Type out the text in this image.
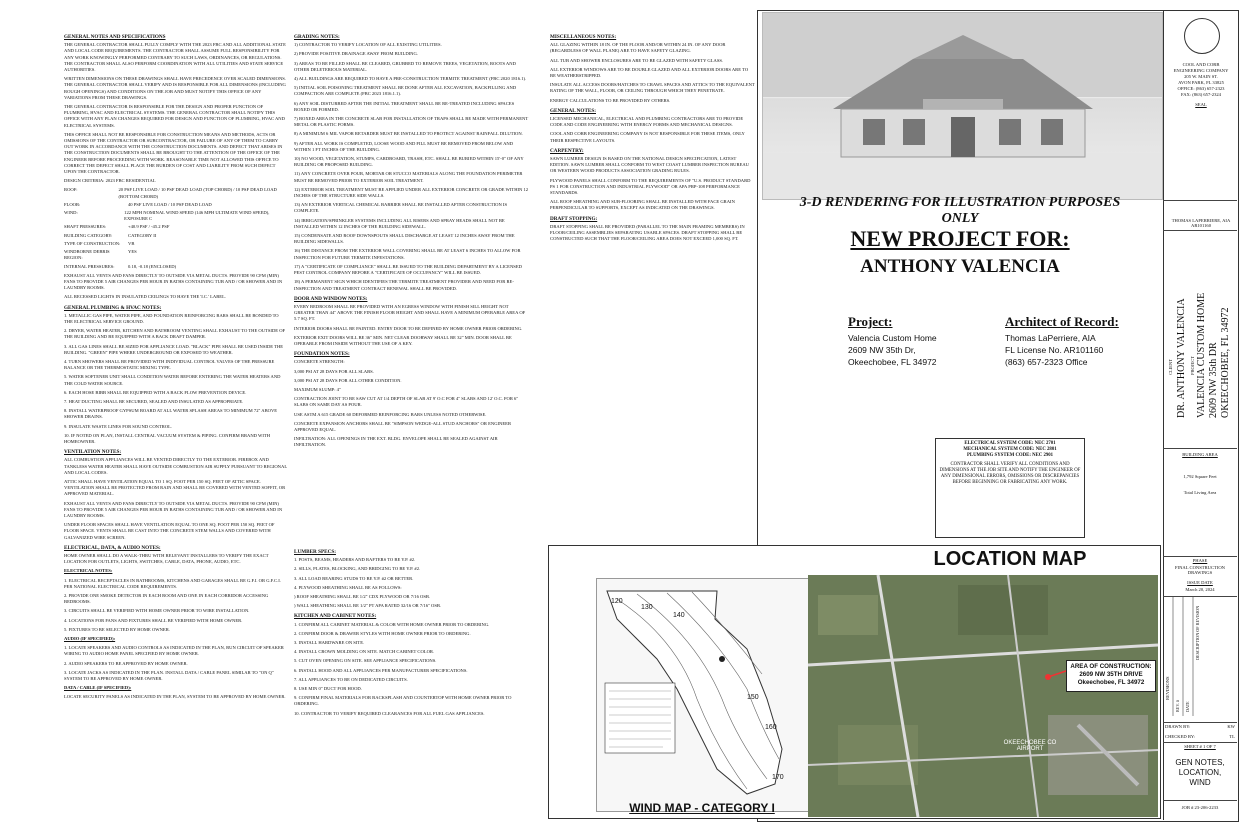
GENERAL NOTES AND SPECIFICATIONS

THE GENERAL CONTRACTOR SHALL FULLY COMPLY WITH THE 2023 FBC AND ALL ADDITIONAL STATE AND LOCAL CODE REQUIREMENTS. THE CONTRACTOR SHALL ASSUME FULL RESPONSIBILITY FOR ANY WORK KNOWINGLY PERFORMED CONTRARY TO SUCH LAWS, ORDINANCES, OR REGULATIONS. THE CONTRACTOR SHALL ALSO PERFORM COORDINATION WITH ALL UTILITIES AND STATE SERVICE AUTHORITIES.

WRITTEN DIMENSIONS ON THESE DRAWINGS SHALL HAVE PRECEDENCE OVER SCALED DIMENSIONS. THE GENERAL CONTRACTOR SHALL VERIFY AND IS RESPONSIBLE FOR ALL DIMENSIONS (INCLUDING ROUGH OPENINGS) AND CONDITIONS ON THE JOB AND MUST NOTIFY THIS OFFICE OF ANY VARIATIONS FROM THESE DRAWINGS.

THE GENERAL CONTRACTOR IS RESPONSIBLE FOR THE DESIGN AND PROPER FUNCTION OF PLUMBING, HVAC AND ELECTRICAL SYSTEMS. THE GENERAL CONTRACTOR SHALL NOTIFY THIS OFFICE WITH ANY PLAN CHANGES REQUIRED FOR DESIGN AND FUNCTION OF PLUMBING, HVAC AND ELECTRICAL SYSTEMS.

THIS OFFICE SHALL NOT BE RESPONSIBLE FOR CONSTRUCTION MEANS AND METHODS, ACTS OR OMISSIONS OF THE CONTRACTOR OR SUBCONTRACTOR, OR FAILURE OF ANY OF THEM TO CARRY OUT WORK IN ACCORDANCE WITH THE CONSTRUCTION DOCUMENTS. AND DEFECT THAT ARISES IN THE CONSTRUCTION DOCUMENTS SHALL BE BROUGHT TO THE ATTENTION OF THE OFFICE OF THE ENGINEER BEFORE PROCEEDING WITH WORK. REASONABLE TIME NOT ALLOWED THIS OFFICE TO CORRECT THE DEFECT SHALL PLACE THE BURDEN OF COST AND LIABILITY FROM SUCH DEFECT UPON THE CONTRACTOR.

DESIGN CRITERIA: 2023 FBC RESIDENTIAL

ROOF:	20 PSF LIVE LOAD / 10 PSF DEAD LOAD (TOP CHORD) / 10 PSF DEAD LOAD (BOTTOM CHORD)
FLOOR:	40 PSF LIVE LOAD / 10 PSF DEAD LOAD
WIND:	122 MPH NOMINAL WIND SPEED (146 MPH ULTIMATE WIND SPEED), EXPOSURE C
SHAFT PRESSURES:	+40.9 PSF / -45.2 PSF
BUILDING CATEGORY:	CATEGORY II
TYPE OF CONSTRUCTION:	VB
WINDBORNE DEBRIS REGION:
YES
INTERNAL PRESSURES:	0.18, -0.18 (ENCLOSED)

EXHAUST ALL VENTS AND FANS DIRECTLY TO OUTSIDE VIA METAL DUCTS. PROVIDE 90 CFM (MIN) FANS TO PROVIDE 5 AIR CHANGES PER HOUR IN BATHS CONTAINING TUB AND / OR SHOWER AND IN LAUNDRY ROOMS.

ALL RECESSED LIGHTS IN INSULATED CEILINGS TO HAVE THE 'I.C.' LABEL.

GENERAL PLUMBING & HVAC NOTES:

1. METALLIC GAS PIPE, WATER PIPE, AND FOUNDATION REINFORCING BARS SHALL BE BONDED TO THE ELECTRICAL SERVICE GROUND.

2. DRYER, WATER HEATER, KITCHEN AND BATHROOM VENTING SHALL EXHAUST TO THE OUTSIDE OF THE BUILDING AND BE EQUIPPED WITH A BACK DRAFT DAMPER.

3. ALL GAS LINES SHALL BE SIZED FOR APPLIANCE LOAD. "BLACK" PIPE SHALL BE USED INSIDE THE BUILDING. "GREEN" PIPE WHERE UNDERGROUND OR EXPOSED TO WEATHER.

4. TURN SHOWERS SHALL BE PROVIDED WITH INDIVIDUAL CONTROL VALVES OF THE PRESSURE BALANCE OR THE THERMOSTATIC MIXING TYPE.

5. WATER SOFTENER UNIT SHALL CONDITION WATER BEFORE ENTERING THE WATER HEATERS AND THE COLD WATER SOURCE.

6. EACH HOSE BIBB SHALL BE EQUIPPED WITH A BACK FLOW PREVENTION DEVICE.

7. HEAT DUCTING SHALL BE SECURED, SEALED AND INSULATED AS APPROPRIATE.

8. INSTALL WATERPROOF GYPSUM BOARD AT ALL WATER SPLASH AREAS TO MINIMUM 72" ABOVE SHOWER DRAINS.

9. INSULATE WASTE LINES FOR SOUND CONTROL.

10. IF NOTED ON PLAN, INSTALL CENTRAL VACUUM SYSTEM & PIPING. CONFIRM BRAND WITH HOMEOWNER.

VENTILATION NOTES:

ALL COMBUSTION APPLIANCES WILL BE VENTED DIRECTLY TO THE EXTERIOR. FIREBOX AND TANKLESS WATER HEATER SHALL HAVE OUTSIDE COMBUSTION AIR SUPPLY PURSUANT TO REGIONAL AND LOCAL CODES.

ATTIC SHALL HAVE VENTILATION EQUAL TO 1 SQ. FOOT PER 150 SQ. FEET OF ATTIC SPACE. VENTILATION SHALL BE PROTECTED FROM RAIN AND SHALL BE COVERED WITH VENTED SOFFIT, OR APPROVED MATERIAL.

EXHAUST ALL VENTS AND FANS DIRECTLY TO OUTSIDE VIA METAL DUCTS. PROVIDE 90 CFM (MIN) FANS TO PROVIDE 5 AIR CHANGES PER HOUR IN BATHS CONTAINING TUB AND / OR SHOWER AND IN LAUNDRY ROOMS.

UNDER FLOOR SPACES SHALL HAVE VENTILATION EQUAL TO ONE SQ. FOOT PER 150 SQ. FEET OF FLOOR SPACE. VENTS SHALL BE CAST INTO THE CONCRETE STEM WALLS AND COVERED WITH GALVANIZED WIRE SCREEN.

ELECTRICAL, DATA, & AUDIO NOTES:

HOME OWNER SHALL DO A WALK-THRU WITH RELEVANT INSTALLERS TO VERIFY THE EXACT LOCATION FOR OUTLETS, LIGHTS, SWITCHES, CABLE, DATA, PHONE, AUDIO, ETC.

ELECTRICAL NOTES:

1. ELECTRICAL RECEPTACLES IN BATHROOMS, KITCHENS AND GARAGES SHALL BE G.F.I. OR G.F.C.I. PER NATIONAL ELECTRICAL CODE REQUIREMENTS.

2. PROVIDE ONE SMOKE DETECTOR IN EACH ROOM AND ONE IN EACH CORRIDOR ACCESSING BEDROOMS.

3. CIRCUITS SHALL BE VERIFIED WITH HOME OWNER PRIOR TO WIRE INSTALLATION.

4. LOCATIONS FOR FANS AND FIXTURES SHALL BE VERIFIED WITH HOME OWNER.

5. FIXTURES TO BE SELECTED BY HOME OWNER.

AUDIO (IF SPECIFIED):

1. LOCATE SPEAKERS AND AUDIO CONTROLS AS INDICATED IN THE PLAN, RUN CIRCUIT OF SPEAKER WIRING TO AUDIO HOME PANEL SPECIFIED BY HOME OWNER.

2. AUDIO SPEAKERS TO BE APPROVED BY HOME OWNER.

3. LOCATE JACKS AS INDICATED IN THE PLAN. INSTALL DATA / CABLE PANEL SIMILAR TO "ON Q" SYSTEM TO BE APPROVED BY HOME OWNER.

DATA / CABLE (IF SPECIFIED):

LOCATE SECURITY PANELS AS INDICATED IN THE PLAN, SYSTEM TO BE APPROVED BY HOME OWNER.

GRADING NOTES:

1) CONTRACTOR TO VERIFY LOCATION OF ALL EXISTING UTILITIES.

2) PROVIDE POSITIVE DRAINAGE AWAY FROM BUILDING.

3) AREAS TO BE FILLED SHALL BE CLEARED, GRUBBED TO REMOVE TREES, VEGETATION, ROOTS AND OTHER DELETERIOUS MATERIAL.

4) ALL BUILDINGS ARE REQUIRED TO HAVE A PRE-CONSTRUCTION TERMITE TREATMENT (FBC 2020 1816.1).

5) INITIAL SOIL POISONING TREATMENT SHALL BE DONE AFTER ALL EXCAVATION, BACKFILLING AND COMPACTION ARE COMPLETE (FBC 2023 1816.1.1).

6) ANY SOIL DISTURBED AFTER THE INITIAL TREATMENT SHALL BE RE-TREATED INCLUDING SPACES BOXED OR FORMED.

7) BOXED AREA IN THE CONCRETE SLAB FOR INSTALLATION OF TRAPS SHALL BE MADE WITH PERMANENT METAL OR PLASTIC FORMS.

8) A MINIMUM 6 MIL VAPOR RETARDER MUST BE INSTALLED TO PROTECT AGAINST RAINFALL DILUTION.

9) AFTER ALL WORK IS COMPLETED, LOOSE WOOD AND FILL MUST BE REMOVED FROM BELOW AND WITHIN 1 FT INCHES OF THE BUILDING.

10) NO WOOD, VEGETATION, STUMPS, CARDBOARD, TRASH, ETC. SHALL BE BURIED WITHIN 15'-0" OF ANY BUILDING OR PROPOSED BUILDING.

11) ANY CONCRETE OVER POUR, MORTAR OR STUCCO MATERIALS ALONG THE FOUNDATION PERIMETER MUST BE REMOVED PRIOR TO EXTERIOR SOIL TREATMENT.

12) EXTERIOR SOIL TREATMENT MUST BE APPLIED UNDER ALL EXTERIOR CONCRETE OR GRADE WITHIN 12 INCHES OF THE STRUCTURE SIDE WALLS.

13) AN EXTERIOR VERTICAL CHEMICAL BARRIER SHALL BE INSTALLED AFTER CONSTRUCTION IS COMPLETE.

14) IRRIGATION/SPRINKLER SYSTEMS INCLUDING ALL RISERS AND SPRAY HEADS SHALL NOT BE INSTALLED WITHIN 12 INCHES OF THE BUILDING SIDEWALL.

15) CONDENSATE AND ROOF DOWNSPOUTS SHALL DISCHARGE AT LEAST 12 INCHES AWAY FROM THE BUILDING SIDEWALLS.

16) THE DISTANCE FROM THE EXTERIOR WALL COVERING SHALL BE AT LEAST 6 INCHES TO ALLOW FOR INSPECTION FOR FUTURE TERMITE INFESTATIONS.

17) A "CERTIFICATE OF COMPLIANCE" SHALL BE ISSUED TO THE BUILDING DEPARTMENT BY A LICENSED PEST CONTROL COMPANY BEFORE A "CERTIFICATE OF OCCUPANCY" WILL BE ISSUED.

18) A PERMANENT SIGN WHICH IDENTIFIES THE TERMITE TREATMENT PROVIDER AND NEED FOR RE-INSPECTION AND TREATMENT CONTRACT RENEWAL SHALL BE PROVIDED.

DOOR AND WINDOW NOTES:

EVERY BEDROOM SHALL BE PROVIDED WITH AN EGRESS WINDOW WITH FINISH SILL HEIGHT NOT GREATER THAN 44" ABOVE THE FINISH FLOOR HEIGHT AND SHALL HAVE A MINIMUM OPERABLE AREA OF 5.7 SQ. FT.

INTERIOR DOORS SHALL BE PAINTED. ENTRY DOOR TO BE DEFINED BY HOME OWNER PRIOR ORDERING.

EXTERIOR EXIT DOORS WILL BE 36" MIN. NET CLEAR DOORWAY SHALL BE 32" MIN. DOOR SHALL BE OPERABLE FROM INSIDE WITHOUT THE USE OF A KEY.

FOUNDATION NOTES:

CONCRETE STRENGTH:

3,000 PSI AT 28 DAYS FOR ALL SLABS.

3,000 PSI AT 28 DAYS FOR ALL OTHER CONDITION.

MAXIMUM SLUMP: 4"

CONTRACTION JOINT TO BE SAW CUT AT 1/4 DEPTH OF SLAB AT 9' O.C FOR 4" SLABS AND 12' O.C. FOR 6" SLABS ON SAME DAY AS POUR.

USE ASTM A 615 GRADE 60 DEFORMED REINFORCING BARS UNLESS NOTED OTHERWISE.

CONCRETE EXPANSION ANCHORS SHALL BE "SIMPSON WEDGE-ALL STUD ANCHORS" OR ENGINEER APPROVED EQUAL.

INFILTRATION: ALL OPENINGS IN THE EXT. BLDG. ENVELOPE SHALL BE SEALED AGAINST AIR INFILTRATION.

LUMBER SPECS:

1. POSTS, BEAMS, HEADERS AND RAFTERS TO BE Y.P. #2.

2. SILLS, PLATES, BLOCKING, AND BRIDGING TO BE Y.P. #2.

3. ALL LOAD BEARING STUDS TO BE Y.P. #2 OR BETTER.

4. PLYWOOD SHEATHING SHALL BE AS FOLLOWS:

) ROOF SHEATHING SHALL BE 1/2" CDX PLYWOOD OR 7/16 OSB.

) WALL SHEATHING SHALL BE 1/2" PT APA RATED 32/16 OR 7/16" OSB.

KITCHEN AND CABINET NOTES:

1. CONFIRM ALL CABINET MATERIAL & COLOR WITH HOME OWNER PRIOR TO ORDERING.

2. CONFIRM DOOR & DRAWER STYLES WITH HOME OWNER PRIOR TO ORDERING.

3. INSTALL HARDWARE ON SITE.

4. INSTALL CROWN MOLDING ON SITE. MATCH CABINET COLOR.

5. CUT OVEN OPENING ON SITE. SEE APPLIANCE SPECIFICATIONS.

6. INSTALL HOOD AND ALL APPLIANCES PER MANUFACTURER SPECIFICATIONS.

7. ALL APPLIANCES TO BE ON DEDICATED CIRCUITS.

8. USE MIN 0" DUCT FOR HOOD.

9. CONFIRM FINAL MATERIALS FOR BACKSPLASH AND COUNTERTOP WITH HOME OWNER PRIOR TO ORDERING.

10. CONTRACTOR TO VERIFY REQUIRED CLEARANCES FOR ALL FUEL GAS APPLIANCES.

MISCELLANEOUS NOTES:

ALL GLAZING WITHIN 18 IN. OF THE FLOOR AND/OR WITHIN 24 IN. OF ANY DOOR (REGARDLESS OF WALL PLANE) ARE TO HAVE SAFETY GLAZING.

ALL TUB AND SHOWER ENCLOSURES ARE TO BE GLAZED WITH SAFETY GLASS.

ALL EXTERIOR WINDOWS ARE TO BE DOUBLE GLAZED AND ALL EXTERIOR DOORS ARE TO BE WEATHERSTRIPPED.

INSULATE ALL ACCESS DOORS/HATCHES TO CRAWL SPACES AND ATTICS TO THE EQUIVALENT RATING OF THE WALL, FLOOR, OR CEILING THROUGH WHICH THEY PENETRATE.

ENERGY CALCULATIONS TO BE PROVIDED BY OTHERS.

GENERAL NOTES:

LICENSED MECHANICAL, ELECTRICAL AND PLUMBING CONTRACTORS ARE TO PROVIDE CODE AND CODE ENGINEERING WITH ENERGY FORMS AND MECHANICAL DESIGNS.

COOL AND CORB ENGINEERING COMPANY IS NOT RESPONSIBLE FOR THESE ITEMS, ONLY THEIR RESPECTIVE LAYOUTS.

CARPENTRY:

SAWN LUMBER DESIGN IS BASED ON THE NATIONAL DESIGN SPECIFICATION, LATEST EDITION. SAWN LUMBER SHALL CONFORM TO WEST COAST LUMBER INSPECTION BUREAU OR WESTERN WOOD PRODUCTS ASSOCIATION GRADING RULES.

PLYWOOD PANELS SHALL CONFORM TO THE REQUIREMENTS OF "U.S. PRODUCT STANDARD PS 1 FOR CONSTRUCTION AND INDUSTRIAL PLYWOOD" OR APA PRP-108 PERFORMANCE STANDARDS.

ALL ROOF SHEATHING AND SUB-FLOORING SHALL BE INSTALLED WITH FACE GRAIN PERPENDICULAR TO SUPPORTS, EXCEPT AS INDICATED ON THE DRAWINGS.

DRAFT STOPPING:

DRAFT STOPPING SHALL BE PROVIDED (PARALLEL TO THE MAIN FRAMING MEMBERS) IN FLOOR/CEILING ASSEMBLIES SEPARATING USABLE SPACES. DRAFT STOPPING SHALL BE CONSTRUCTED SUCH THAT THE FLOOR/CEILING AREA DOES NOT EXCEED 1,000 SQ. FT.

3-D RENDERING FOR ILLUSTRATION PURPOSES ONLY
NEW PROJECT FOR:
ANTHONY VALENCIA
Project:
Valencia Custom Home
2609 NW 35th Dr,
Okeechobee, FL 34972
Architect of Record:
Thomas LaPerriere, AIA
FL License No. AR101160
(863) 657-2323 Office
ELECTRICAL SYSTEM CODE: NEC 2701
MECHANICAL SYSTEM CODE: NEC 2801
PLUMBING SYSTEM CODE: NEC 2901
CONTRACTOR SHALL VERIFY ALL CONDITIONS AND DIMENSIONS AT THE JOB SITE AND NOTIFY THE ENGINEER OF ANY DIMENSIONAL ERRORS, OMISSIONS OR DISCREPANCIES BEFORE BEGINNING OR FABRICATING ANY WORK.
LOCATION MAP
120
130
140
150
160
170
WIND MAP - CATEGORY I
AREA OF CONSTRUCTION:
2609 NW 35TH DRIVE
Okeechobee, FL 34972
OKEECHOBEE CO AIRPORT
COOL AND CORB
ENGINEERING COMPANY
205 W. MAIN ST.
AVON PARK, FL 33825
OFFICE: (863) 657-2323
FAX: (863) 657-2324
SEAL
THOMAS LAPERRIERE, AIA AR101160
CLIENT DR. ANTHONY VALENCIA PROJECT VALENCIA CUSTOM HOME 2609 NW 35th DR OKEECHOBEE, FL 34972
BUILDING AREA
1,792 Square Feet
Total Living Area
PHASE
FINAL CONSTRUCTION DRAWINGS
ISSUE DATE
March 20, 2024
REVISIONS
REV. # DATE
DESCRIPTION OF REVISION
DRAWN BY:	KW
CHECKED BY:	TL
SHEET # 1 OF 7
GEN NOTES,
LOCATION,
WIND
JOB # 23-206-2233
